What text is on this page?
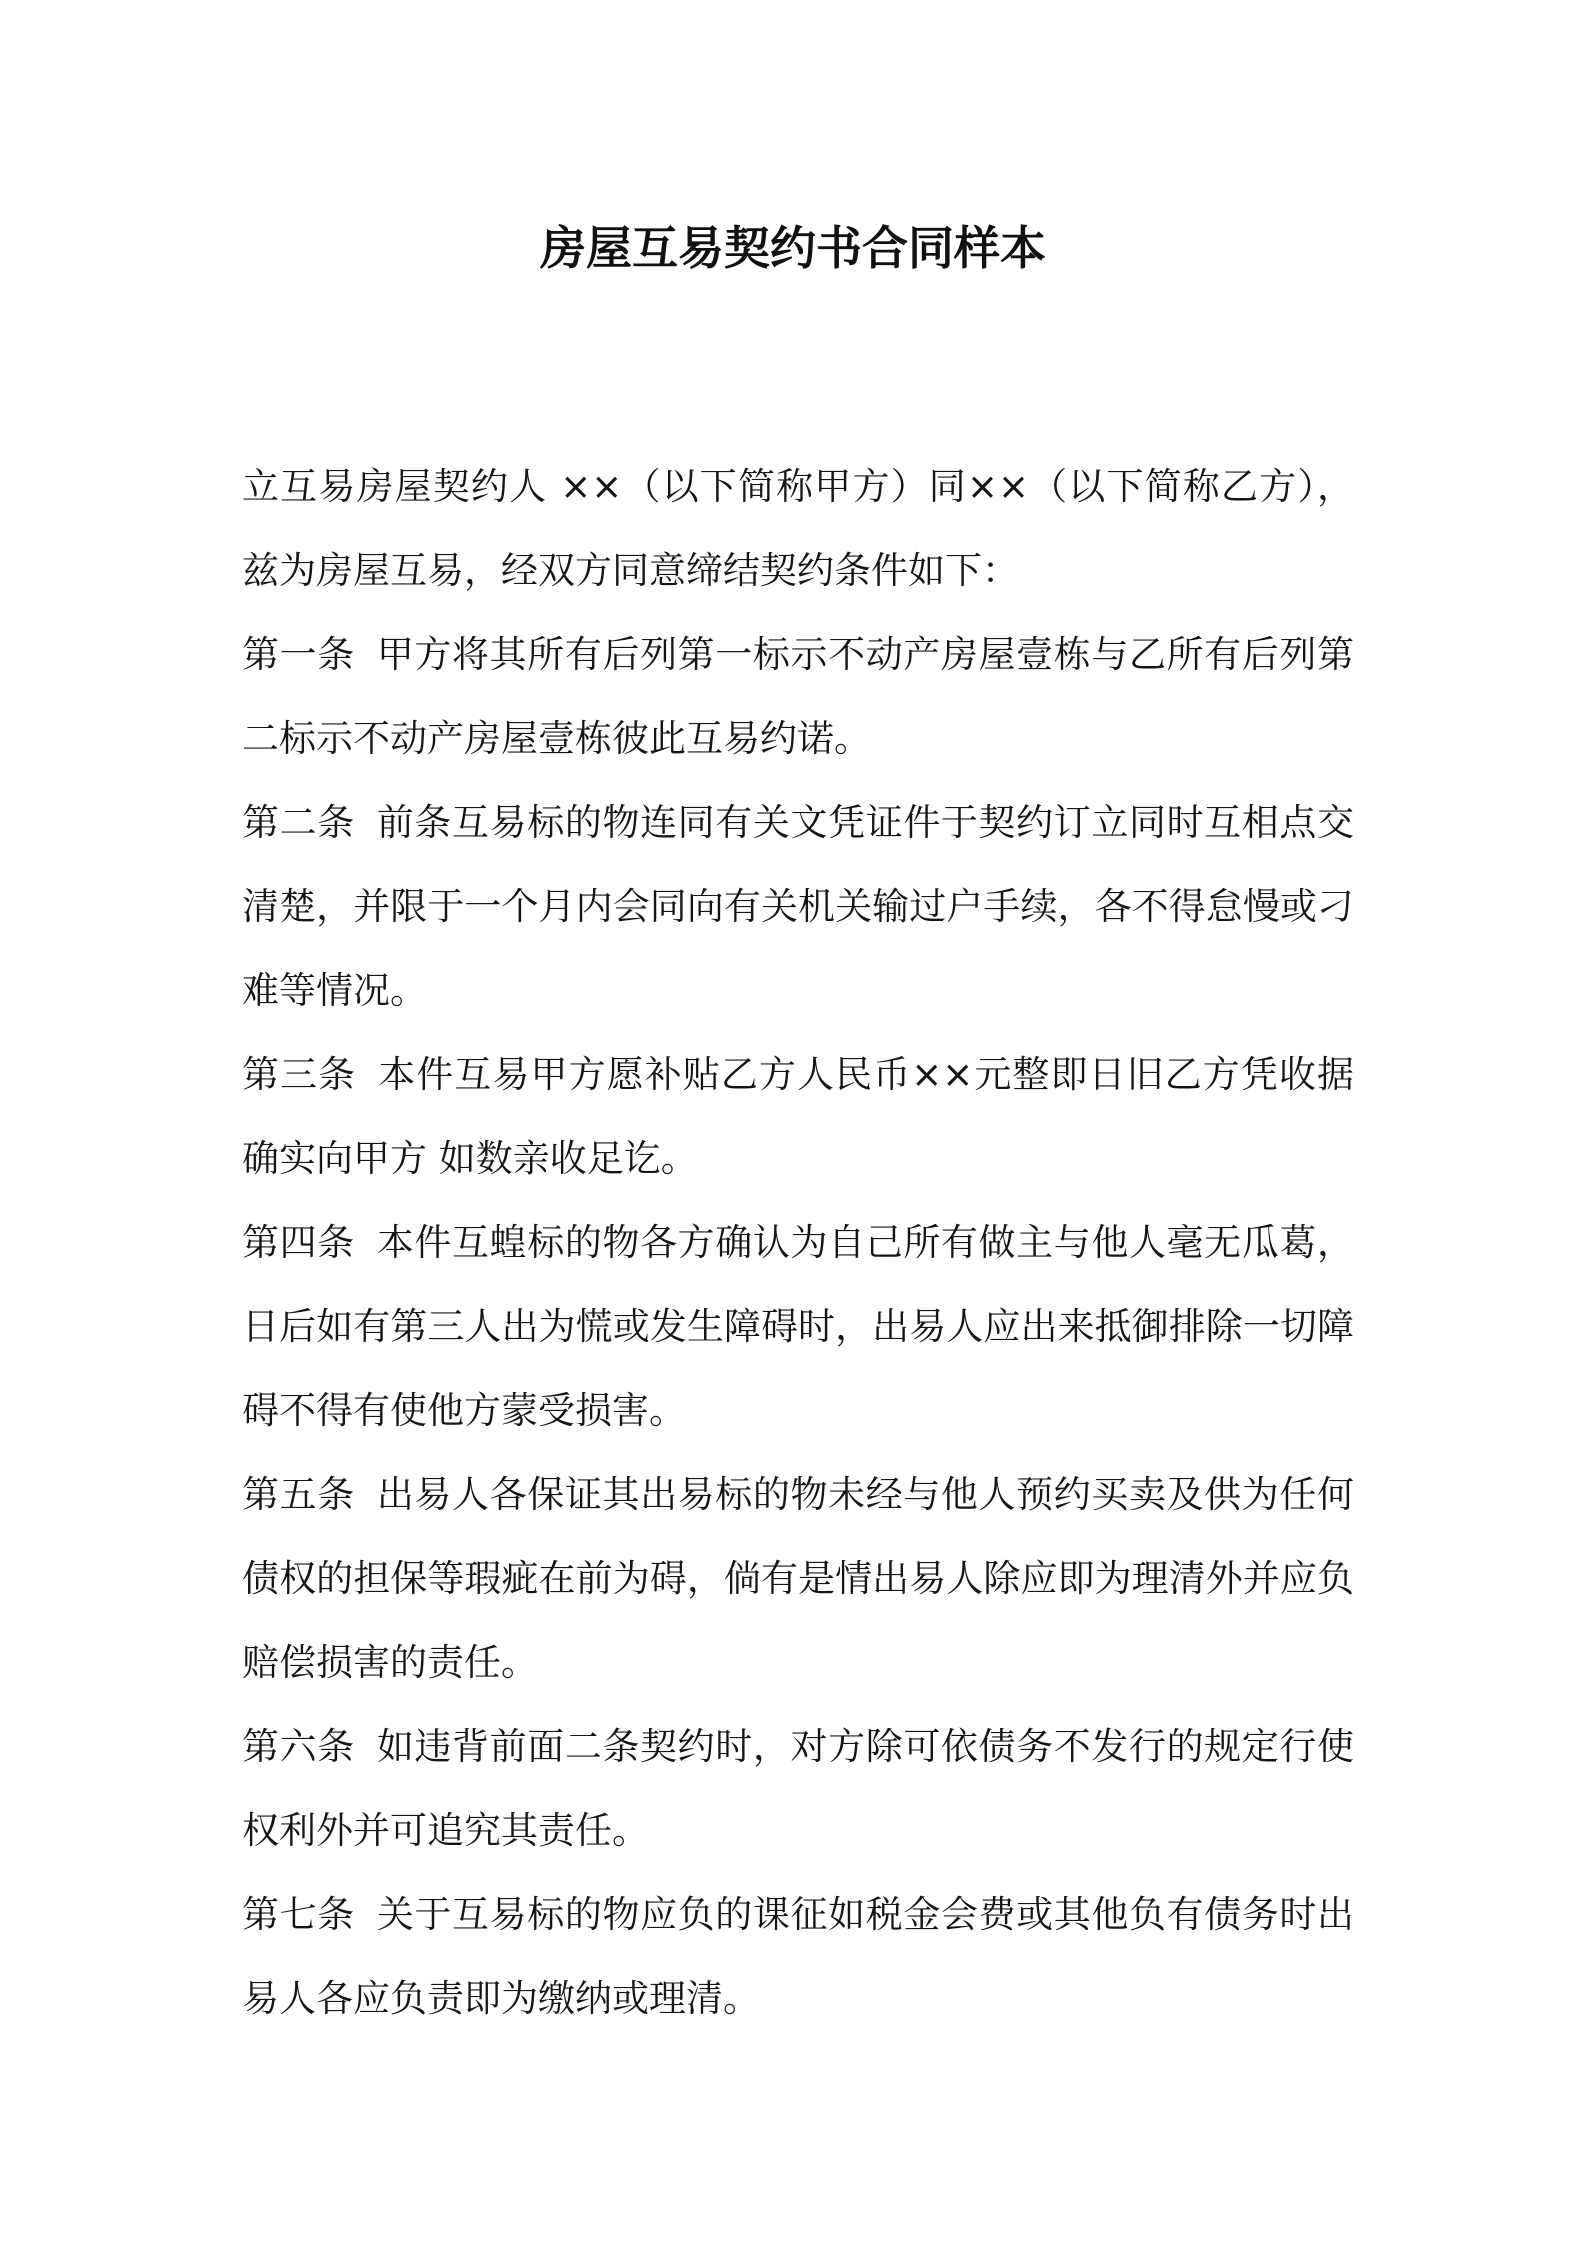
房屋互易契约书合同样本

立互易房屋契约人 ××（以下简称甲方）同××（以下简称乙方），兹为房屋互易，经双方同意缔结契约条件如下：

第一条 甲方将其所有后列第一标示不动产房屋壹栋与乙所有后列第二标示不动产房屋壹栋彼此互易约诺。

第二条 前条互易标的物连同有关文凭证件于契约订立同时互相点交清楚，并限于一个月内会同向有关机关输过户手续，各不得怠慢或刁难等情况。

第三条 本件互易甲方愿补贴乙方人民币××元整即日旧乙方凭收据确实向甲方 如数亲收足讫。

第四条 本件互蝗标的物各方确认为自己所有做主与他人毫无瓜葛，日后如有第三人出为慌或发生障碍时，出易人应出来抵御排除一切障碍不得有使他方蒙受损害。

第五条 出易人各保证其出易标的物未经与他人预约买卖及供为任何债权的担保等瑕疵在前为碍，倘有是情出易人除应即为理清外并应负赔偿损害的责任。

第六条 如违背前面二条契约时，对方除可依债务不发行的规定行使权利外并可追究其责任。

第七条 关于互易标的物应负的课征如税金会费或其他负有债务时出易人各应负责即为缴纳或理清。
